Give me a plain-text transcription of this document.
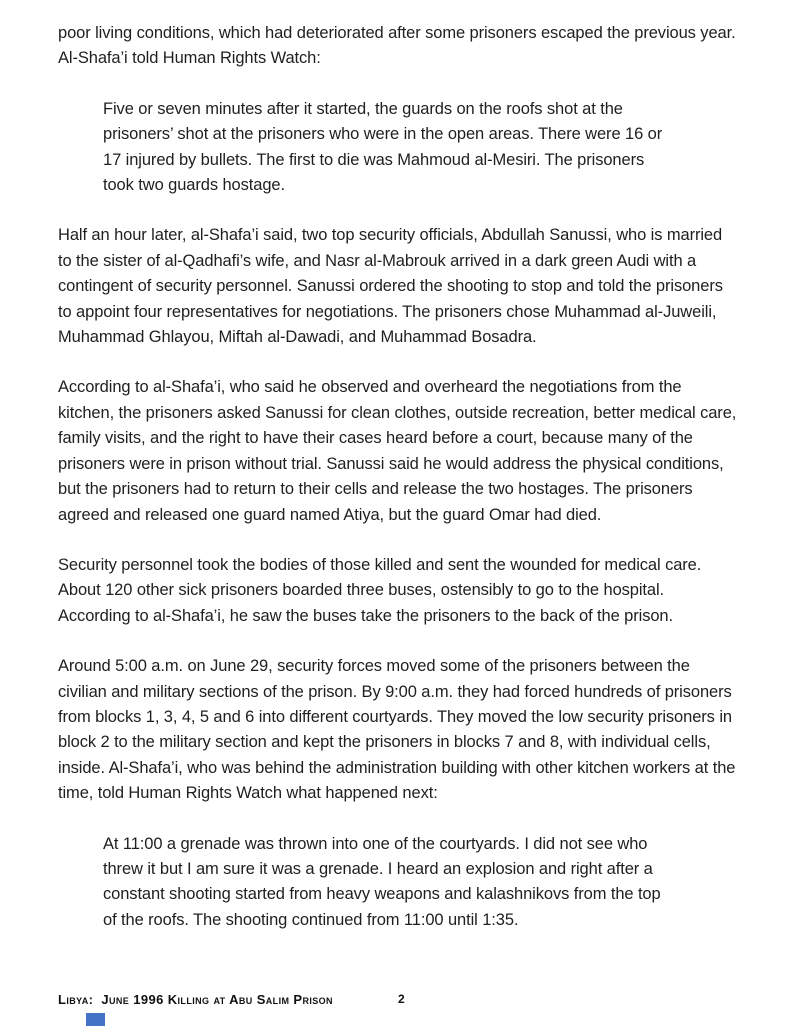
poor living conditions, which had deteriorated after some prisoners escaped the previous year. Al-Shafa’i told Human Rights Watch:
Five or seven minutes after it started, the guards on the roofs shot at the prisoners’ shot at the prisoners who were in the open areas. There were 16 or 17 injured by bullets. The first to die was Mahmoud al-Mesiri. The prisoners took two guards hostage.
Half an hour later, al-Shafa’i said, two top security officials, Abdullah Sanussi, who is married to the sister of al-Qadhafi’s wife, and Nasr al-Mabrouk arrived in a dark green Audi with a contingent of security personnel. Sanussi ordered the shooting to stop and told the prisoners to appoint four representatives for negotiations. The prisoners chose Muhammad al-Juweili, Muhammad Ghlayou, Miftah al-Dawadi, and Muhammad Bosadra.
According to al-Shafa’i, who said he observed and overheard the negotiations from the kitchen, the prisoners asked Sanussi for clean clothes, outside recreation, better medical care, family visits, and the right to have their cases heard before a court, because many of the prisoners were in prison without trial. Sanussi said he would address the physical conditions, but the prisoners had to return to their cells and release the two hostages. The prisoners agreed and released one guard named Atiya, but the guard Omar had died.
Security personnel took the bodies of those killed and sent the wounded for medical care. About 120 other sick prisoners boarded three buses, ostensibly to go to the hospital. According to al-Shafa’i, he saw the buses take the prisoners to the back of the prison.
Around 5:00 a.m. on June 29, security forces moved some of the prisoners between the civilian and military sections of the prison. By 9:00 a.m. they had forced hundreds of prisoners from blocks 1, 3, 4, 5 and 6 into different courtyards. They moved the low security prisoners in block 2 to the military section and kept the prisoners in blocks 7 and 8, with individual cells, inside. Al-Shafa’i, who was behind the administration building with other kitchen workers at the time, told Human Rights Watch what happened next:
At 11:00 a grenade was thrown into one of the courtyards. I did not see who threw it but I am sure it was a grenade. I heard an explosion and right after a constant shooting started from heavy weapons and kalashnikovs from the top of the roofs. The shooting continued from 11:00 until 1:35.
Libya:  June 1996 Killing at Abu Salim Prison	2
